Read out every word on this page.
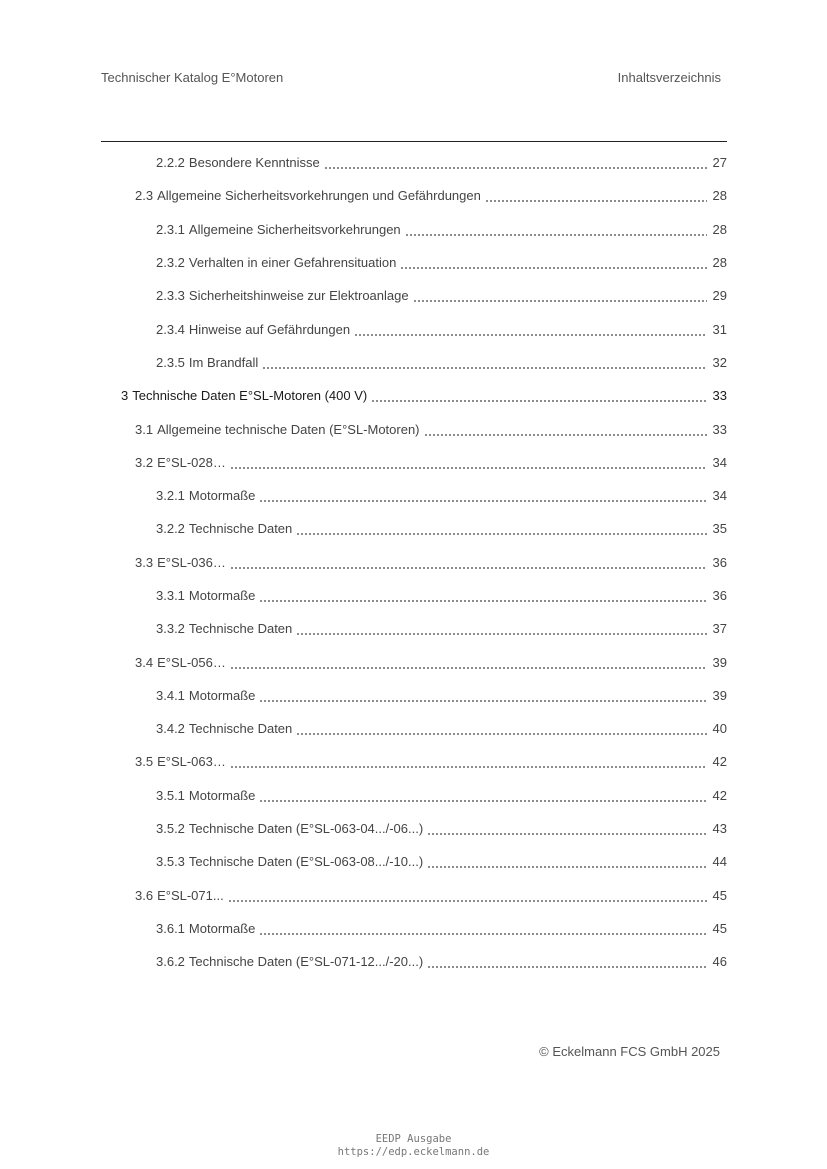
Technischer Katalog E°Motoren	Inhaltsverzeichnis
2.2.2 Besondere Kenntnisse	27
2.3 Allgemeine Sicherheitsvorkehrungen und Gefährdungen	28
2.3.1 Allgemeine Sicherheitsvorkehrungen	28
2.3.2 Verhalten in einer Gefahrensituation	28
2.3.3 Sicherheitshinweise zur Elektroanlage	29
2.3.4 Hinweise auf Gefährdungen	31
2.3.5 Im Brandfall	32
3 Technische Daten E°SL-Motoren (400 V)	33
3.1 Allgemeine technische Daten (E°SL-Motoren)	33
3.2 E°SL-028…	34
3.2.1 Motormaße	34
3.2.2 Technische Daten	35
3.3 E°SL-036…	36
3.3.1 Motormaße	36
3.3.2 Technische Daten	37
3.4 E°SL-056…	39
3.4.1 Motormaße	39
3.4.2 Technische Daten	40
3.5 E°SL-063…	42
3.5.1 Motormaße	42
3.5.2 Technische Daten (E°SL-063-04.../-06...)	43
3.5.3 Technische Daten (E°SL-063-08.../-10...)	44
3.6 E°SL-071...	45
3.6.1 Motormaße	45
3.6.2 Technische Daten (E°SL-071-12.../-20...)	46
© Eckelmann FCS GmbH 2025
EEDP Ausgabe
https://edp.eckelmann.de
